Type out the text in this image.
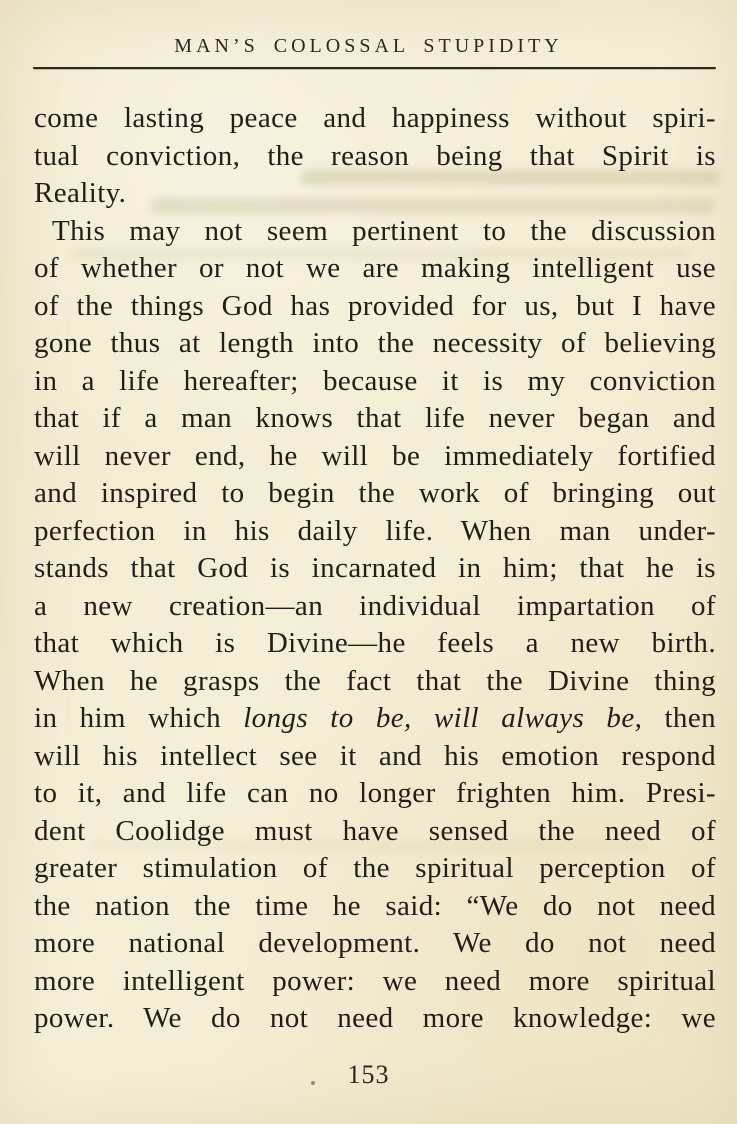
MAN’S COLOSSAL STUPIDITY
come lasting peace and happiness without spiri-
tual conviction, the reason being that Spirit is
Reality.
This may not seem pertinent to the discussion
of whether or not we are making intelligent use
of the things God has provided for us, but I have
gone thus at length into the necessity of believing
in a life hereafter; because it is my conviction
that if a man knows that life never began and
will never end, he will be immediately fortified
and inspired to begin the work of bringing out
perfection in his daily life. When man under-
stands that God is incarnated in him; that he is
a new creation—an individual impartation of
that which is Divine—he feels a new birth.
When he grasps the fact that the Divine thing
in him which longs to be, will always be, then
will his intellect see it and his emotion respond
to it, and life can no longer frighten him. Presi-
dent Coolidge must have sensed the need of
greater stimulation of the spiritual perception of
the nation the time he said: “We do not need
more national development. We do not need
more intelligent power: we need more spiritual
power. We do not need more knowledge: we
153
